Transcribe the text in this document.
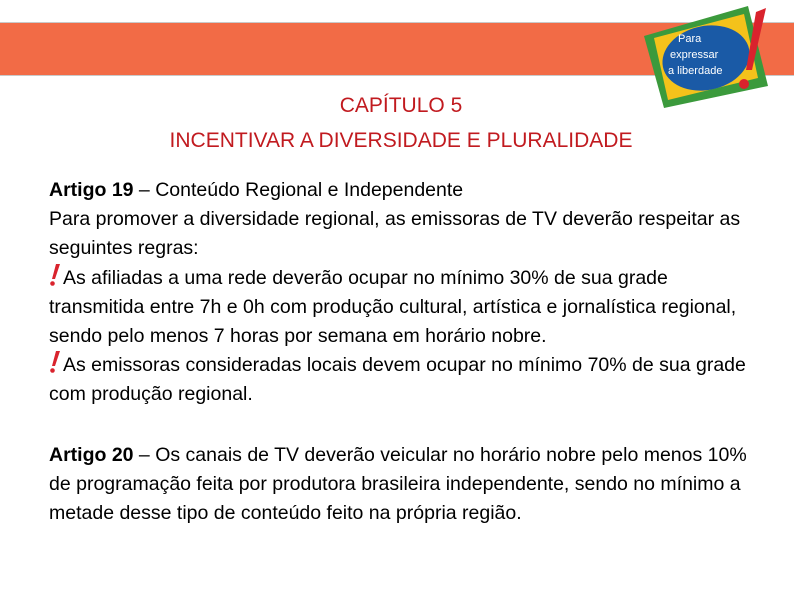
Para
expressar
a liberdade
CAPÍTULO 5
INCENTIVAR A DIVERSIDADE E PLURALIDADE

Artigo 19 – Conteúdo Regional e Independente

Para promover a diversidade regional, as emissoras de TV deverão respeitar as seguintes regras:

As afiliadas a uma rede deverão ocupar no mínimo 30% de sua grade transmitida entre 7h e 0h com produção cultural, artística e jornalística regional, sendo pelo menos 7 horas por semana em horário nobre.

As emissoras consideradas locais devem ocupar no mínimo 70% de sua grade com produção regional.

Artigo 20 – Os canais de TV deverão veicular no horário nobre pelo menos 10% de programação feita por produtora brasileira independente, sendo no mínimo a metade desse tipo de conteúdo feito na própria região.
